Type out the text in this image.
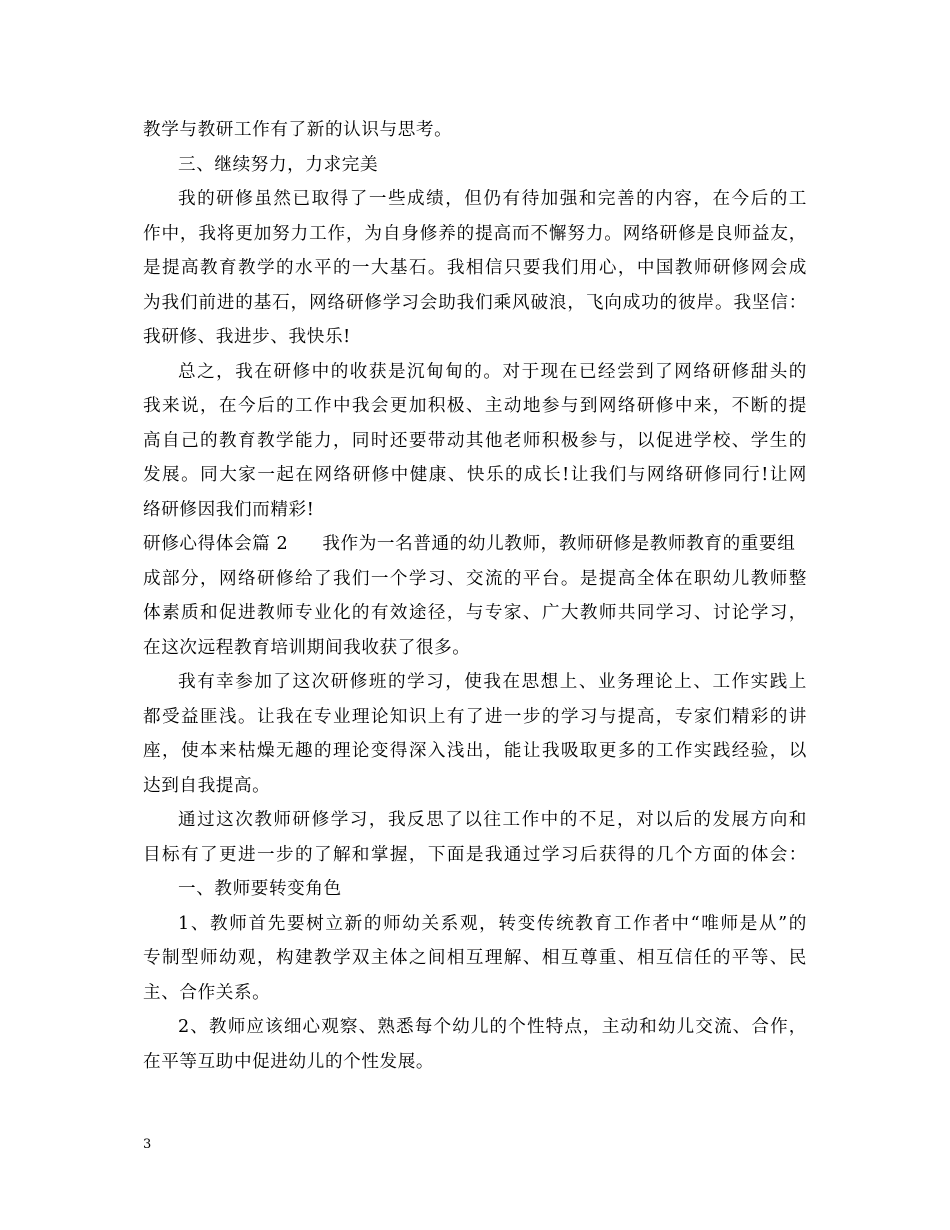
教学与教研工作有了新的认识与思考。
三、继续努力，力求完美
我的研修虽然已取得了一些成绩，但仍有待加强和完善的内容，在今后的工
作中，我将更加努力工作，为自身修养的提高而不懈努力。网络研修是良师益友，
是提高教育教学的水平的一大基石。我相信只要我们用心，中国教师研修网会成
为我们前进的基石，网络研修学习会助我们乘风破浪，飞向成功的彼岸。我坚信：
我研修、我进步、我快乐!
总之，我在研修中的收获是沉甸甸的。对于现在已经尝到了网络研修甜头的
我来说，在今后的工作中我会更加积极、主动地参与到网络研修中来，不断的提
高自己的教育教学能力，同时还要带动其他老师积极参与，以促进学校、学生的
发展。同大家一起在网络研修中健康、快乐的成长!让我们与网络研修同行!让网
络研修因我们而精彩!
研修心得体会篇 2 我作为一名普通的幼儿教师，教师研修是教师教育的重要组
成部分，网络研修给了我们一个学习、交流的平台。是提高全体在职幼儿教师整
体素质和促进教师专业化的有效途径，与专家、广大教师共同学习、讨论学习，
在这次远程教育培训期间我收获了很多。
我有幸参加了这次研修班的学习，使我在思想上、业务理论上、工作实践上
都受益匪浅。让我在专业理论知识上有了进一步的学习与提高，专家们精彩的讲
座，使本来枯燥无趣的理论变得深入浅出，能让我吸取更多的工作实践经验，以
达到自我提高。
通过这次教师研修学习，我反思了以往工作中的不足，对以后的发展方向和
目标有了更进一步的了解和掌握，下面是我通过学习后获得的几个方面的体会：
一、教师要转变角色
1、教师首先要树立新的师幼关系观，转变传统教育工作者中“唯师是从”的
专制型师幼观，构建教学双主体之间相互理解、相互尊重、相互信任的平等、民
主、合作关系。
2、教师应该细心观察、熟悉每个幼儿的个性特点，主动和幼儿交流、合作，
在平等互助中促进幼儿的个性发展。
3
